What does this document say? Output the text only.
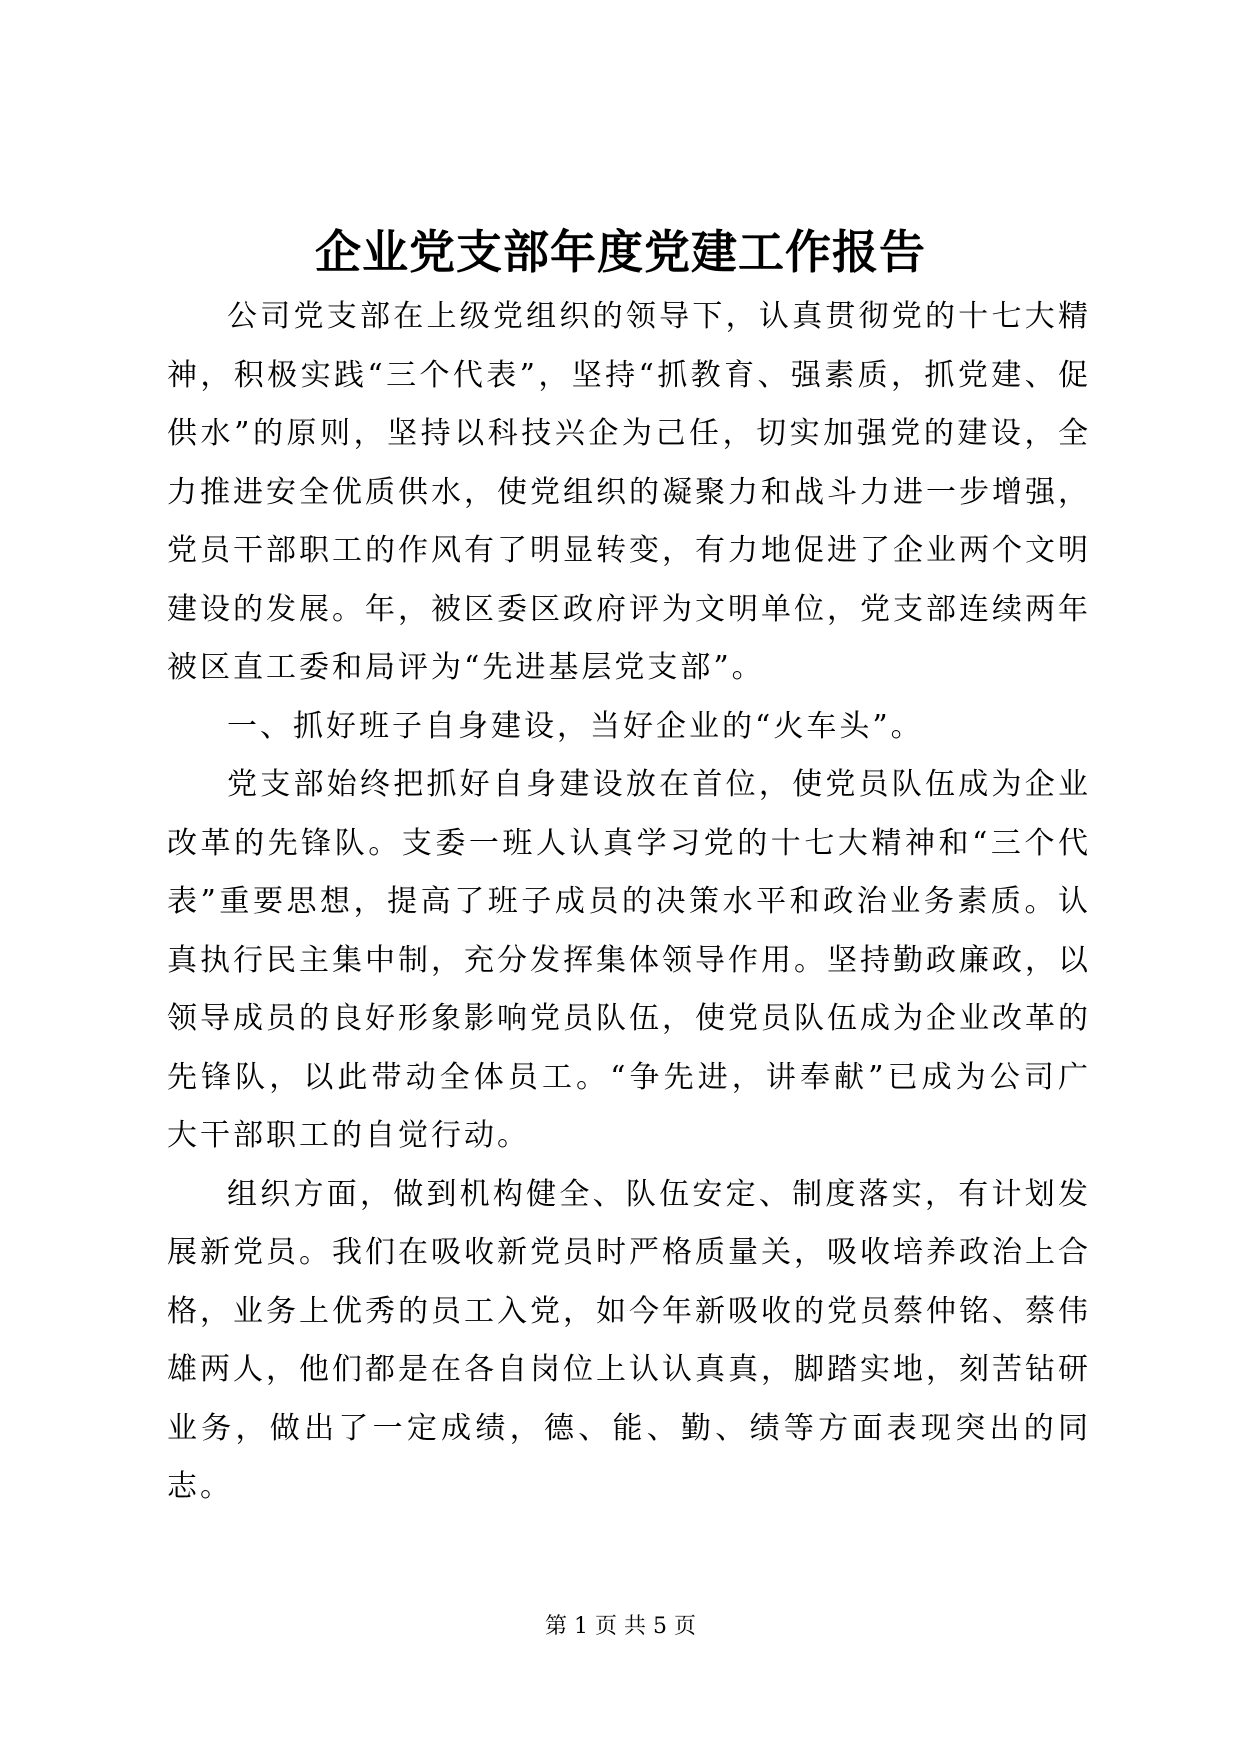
企业党支部年度党建工作报告

公司党支部在上级党组织的领导下，认真贯彻党的十七大精神，积极实践“三个代表”，坚持“抓教育、强素质，抓党建、促供水”的原则，坚持以科技兴企为己任，切实加强党的建设，全力推进安全优质供水，使党组织的凝聚力和战斗力进一步增强，党员干部职工的作风有了明显转变，有力地促进了企业两个文明建设的发展。年，被区委区政府评为文明单位，党支部连续两年被区直工委和局评为“先进基层党支部”。

一、抓好班子自身建设，当好企业的“火车头”。

党支部始终把抓好自身建设放在首位，使党员队伍成为企业改革的先锋队。支委一班人认真学习党的十七大精神和“三个代表”重要思想，提高了班子成员的决策水平和政治业务素质。认真执行民主集中制，充分发挥集体领导作用。坚持勤政廉政，以领导成员的良好形象影响党员队伍，使党员队伍成为企业改革的先锋队，以此带动全体员工。“争先进，讲奉献”已成为公司广大干部职工的自觉行动。

组织方面，做到机构健全、队伍安定、制度落实，有计划发展新党员。我们在吸收新党员时严格质量关，吸收培养政治上合格，业务上优秀的员工入党，如今年新吸收的党员蔡仲铭、蔡伟雄两人，他们都是在各自岗位上认认真真，脚踏实地，刻苦钻研业务，做出了一定成绩，德、能、勤、绩等方面表现突出的同志。

第 1 页 共 5 页
